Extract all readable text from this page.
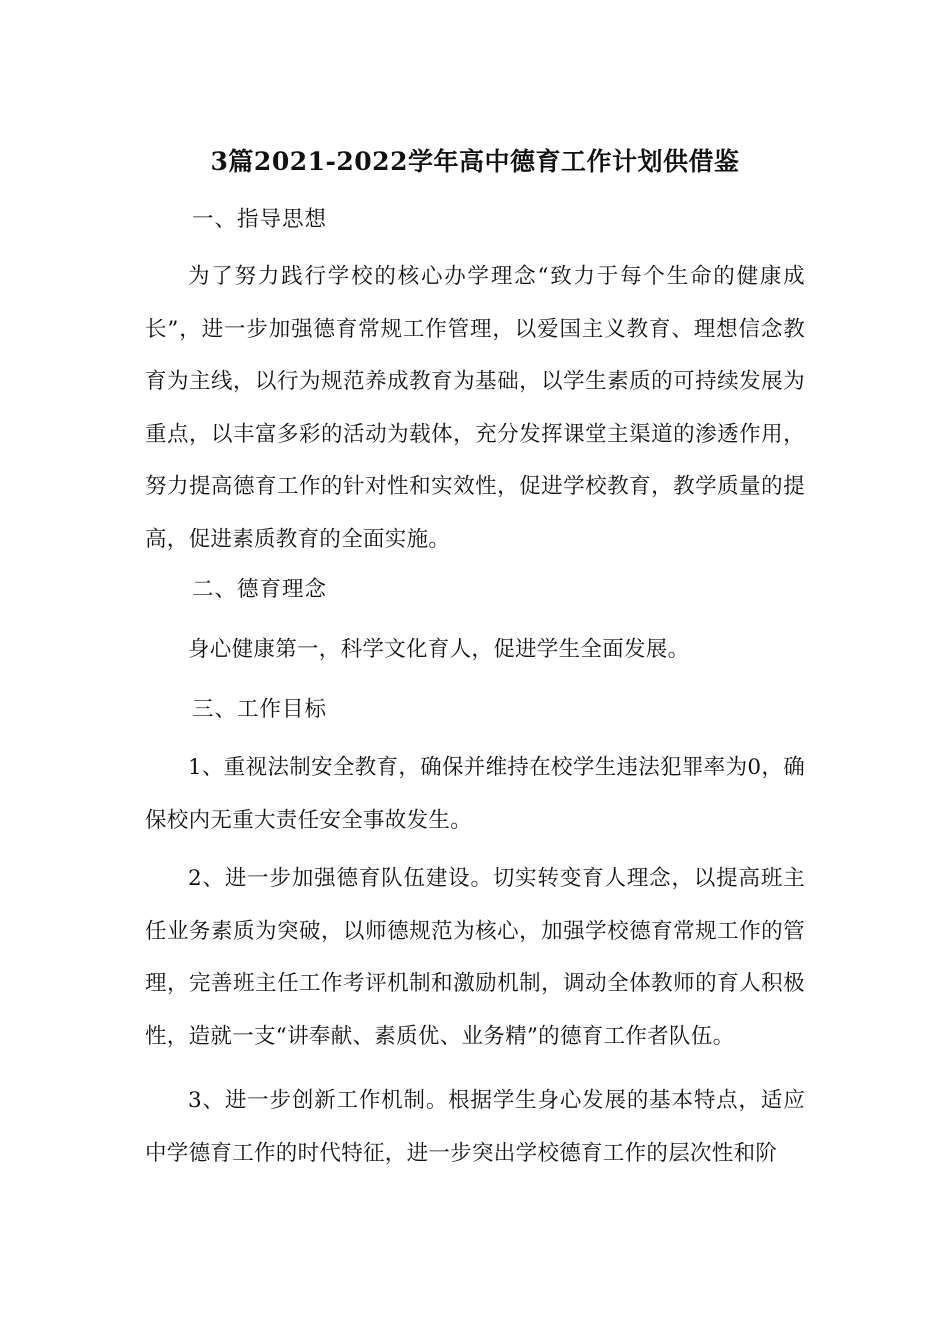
3篇2021-2022学年高中德育工作计划供借鉴

一、指导思想

为了努力践行学校的核心办学理念“致力于每个生命的健康成长”，进一步加强德育常规工作管理，以爱国主义教育、理想信念教育为主线，以行为规范养成教育为基础，以学生素质的可持续发展为重点，以丰富多彩的活动为载体，充分发挥课堂主渠道的渗透作用，努力提高德育工作的针对性和实效性，促进学校教育，教学质量的提高，促进素质教育的全面实施。

二、德育理念

身心健康第一，科学文化育人，促进学生全面发展。

三、工作目标

1、重视法制安全教育，确保并维持在校学生违法犯罪率为0，确保校内无重大责任安全事故发生。

2、进一步加强德育队伍建设。切实转变育人理念，以提高班主任业务素质为突破，以师德规范为核心，加强学校德育常规工作的管理，完善班主任工作考评机制和激励机制，调动全体教师的育人积极性，造就一支“讲奉献、素质优、业务精”的德育工作者队伍。

3、进一步创新工作机制。根据学生身心发展的基本特点，适应中学德育工作的时代特征，进一步突出学校德育工作的层次性和阶
